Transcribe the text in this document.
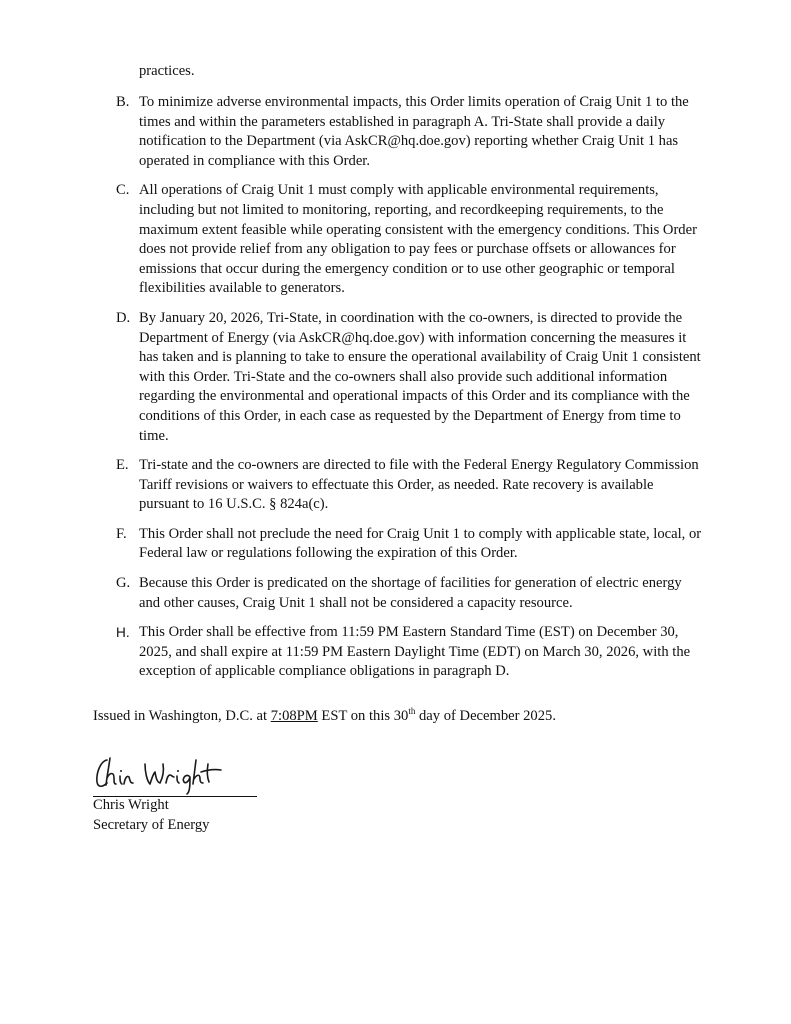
practices.

B. To minimize adverse environmental impacts, this Order limits operation of Craig Unit 1 to the times and within the parameters established in paragraph A. Tri-State shall provide a daily notification to the Department (via AskCR@hq.doe.gov) reporting whether Craig Unit 1 has operated in compliance with this Order.

C. All operations of Craig Unit 1 must comply with applicable environmental requirements, including but not limited to monitoring, reporting, and recordkeeping requirements, to the maximum extent feasible while operating consistent with the emergency conditions. This Order does not provide relief from any obligation to pay fees or purchase offsets or allowances for emissions that occur during the emergency condition or to use other geographic or temporal flexibilities available to generators.

D. By January 20, 2026, Tri-State, in coordination with the co-owners, is directed to provide the Department of Energy (via AskCR@hq.doe.gov) with information concerning the measures it has taken and is planning to take to ensure the operational availability of Craig Unit 1 consistent with this Order. Tri-State and the co-owners shall also provide such additional information regarding the environmental and operational impacts of this Order and its compliance with the conditions of this Order, in each case as requested by the Department of Energy from time to time.

E. Tri-state and the co-owners are directed to file with the Federal Energy Regulatory Commission Tariff revisions or waivers to effectuate this Order, as needed. Rate recovery is available pursuant to 16 U.S.C. § 824a(c).

F. This Order shall not preclude the need for Craig Unit 1 to comply with applicable state, local, or Federal law or regulations following the expiration of this Order.

G. Because this Order is predicated on the shortage of facilities for generation of electric energy and other causes, Craig Unit 1 shall not be considered a capacity resource.

H. This Order shall be effective from 11:59 PM Eastern Standard Time (EST) on December 30, 2025, and shall expire at 11:59 PM Eastern Daylight Time (EDT) on March 30, 2026, with the exception of applicable compliance obligations in paragraph D.

Issued in Washington, D.C. at 7:08PM EST on this 30th day of December 2025.

Chris Wright
Secretary of Energy
